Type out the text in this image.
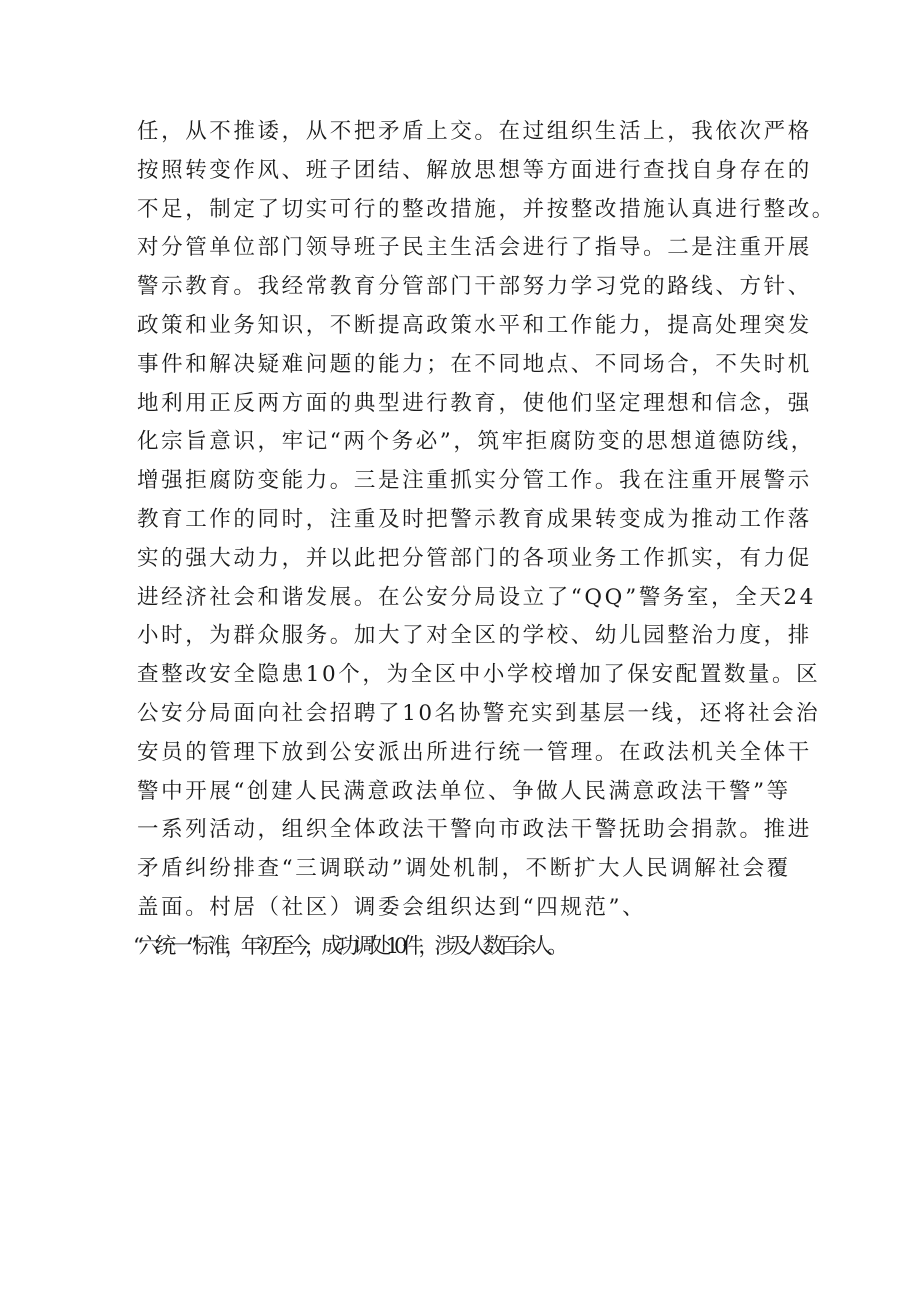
任，从不推诿，从不把矛盾上交。在过组织生活上，我依次严格
按照转变作风、班子团结、解放思想等方面进行查找自身存在的
不足，制定了切实可行的整改措施，并按整改措施认真进行整改。
对分管单位部门领导班子民主生活会进行了指导。二是注重开展
警示教育。我经常教育分管部门干部努力学习党的路线、方针、
政策和业务知识，不断提高政策水平和工作能力，提高处理突发
事件和解决疑难问题的能力；在不同地点、不同场合，不失时机
地利用正反两方面的典型进行教育，使他们坚定理想和信念，强
化宗旨意识，牢记“两个务必”，筑牢拒腐防变的思想道德防线，
增强拒腐防变能力。三是注重抓实分管工作。我在注重开展警示
教育工作的同时，注重及时把警示教育成果转变成为推动工作落
实的强大动力，并以此把分管部门的各项业务工作抓实，有力促
进经济社会和谐发展。在公安分局设立了“QQ”警务室，全天24
小时，为群众服务。加大了对全区的学校、幼儿园整治力度，排
查整改安全隐患10个，为全区中小学校增加了保安配置数量。区
公安分局面向社会招聘了10名协警充实到基层一线，还将社会治
安员的管理下放到公安派出所进行统一管理。在政法机关全体干
警中开展“创建人民满意政法单位、争做人民满意政法干警”等
一系列活动，组织全体政法干警向市政法干警抚助会捐款。推进
矛盾纠纷排查“三调联动”调处机制，不断扩大人民调解社会覆
盖面。村居（社区）调委会组织达到“四规范”、
“六统一”标准，年初至今，成功调处10件，涉及人数百余人。
